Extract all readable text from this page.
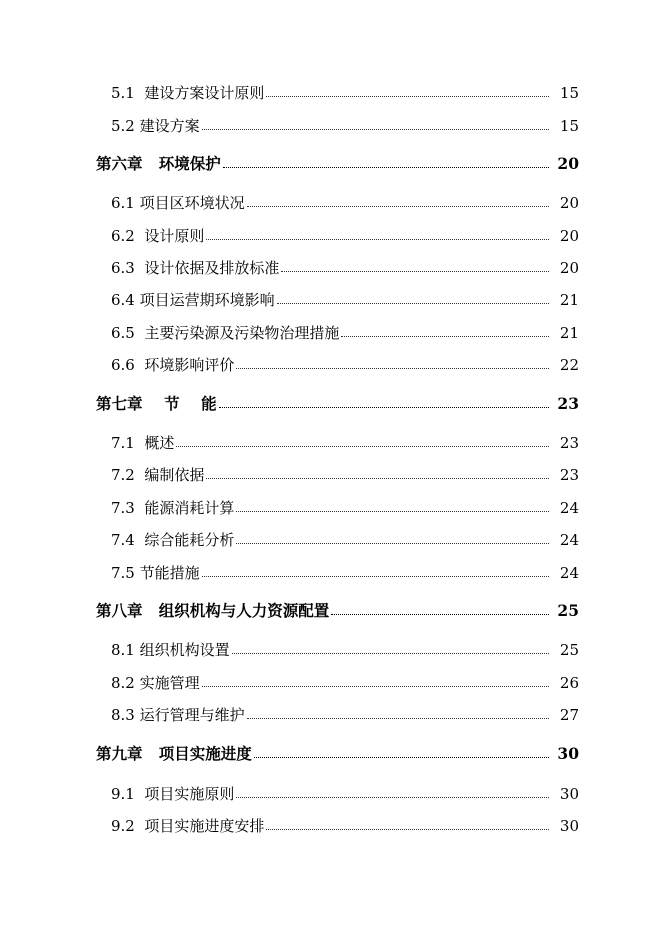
5.1  建设方案设计原则	15
5.2 建设方案	15
第六章   环境保护	20
6.1 项目区环境状况	20
6.2  设计原则	20
6.3  设计依据及排放标准	20
6.4 项目运营期环境影响	21
6.5  主要污染源及污染物治理措施	21
6.6  环境影响评价	22
第七章    节    能	23
7.1  概述	23
7.2  编制依据	23
7.3  能源消耗计算	24
7.4  综合能耗分析	24
7.5 节能措施	24
第八章   组织机构与人力资源配置	25
8.1 组织机构设置	25
8.2 实施管理	26
8.3 运行管理与维护	27
第九章   项目实施进度	30
9.1  项目实施原则	30
9.2  项目实施进度安排	30
